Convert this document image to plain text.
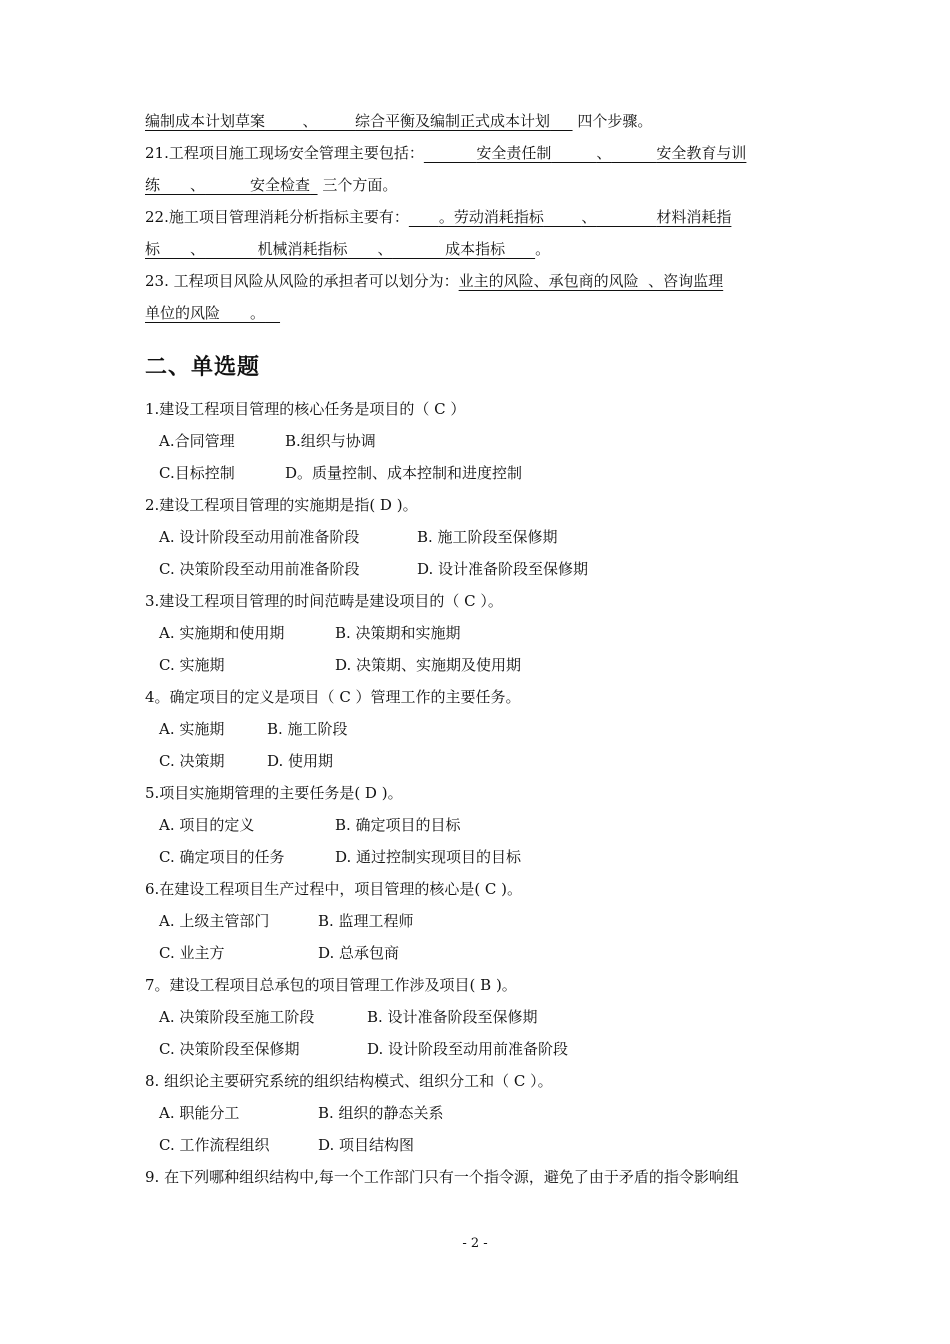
编制成本计划草案   	、   	综合平衡及编制正式成本计划   四个步骤。
21.工程项目施工现场安全管理主要包括：    	安全责任制   	、   	安全教育与训
练   、   	安全检查  三个方面。
22.施工项目管理消耗分析指标主要有：   。劳动消耗指标   	、    	材料消耗指
标   、    	机械消耗指标   、    	成本指标   。
23. 工程项目风险从风险的承担者可以划分为：业主的风险、承包商的风险  、咨询监理
单位的风险   。 
二、单选题
1.建设工程项目管理的核心任务是项目的（ C ）
A.合同管理	B.组织与协调
C.目标控制	D。质量控制、成本控制和进度控制
2.建设工程项目管理的实施期是指( D )。
A. 设计阶段至动用前准备阶段	B. 施工阶段至保修期
C. 决策阶段至动用前准备阶段	D. 设计准备阶段至保修期
3.建设工程项目管理的时间范畴是建设项目的（ C ）。
A. 实施期和使用期	B. 决策期和实施期
C. 实施期	D. 决策期、实施期及使用期
4。确定项目的定义是项目（ C ）管理工作的主要任务。
A. 实施期	B. 施工阶段
C. 决策期	D. 使用期
5.项目实施期管理的主要任务是( D )。
A. 项目的定义	B. 确定项目的目标
C. 确定项目的任务	D. 通过控制实现项目的目标
6.在建设工程项目生产过程中，项目管理的核心是( C )。
A. 上级主管部门	B. 监理工程师
C. 业主方	D. 总承包商
7。建设工程项目总承包的项目管理工作涉及项目( B )。
A. 决策阶段至施工阶段	B. 设计准备阶段至保修期
C. 决策阶段至保修期	D. 设计阶段至动用前准备阶段
8. 组织论主要研究系统的组织结构模式、组织分工和（ C ）。
A. 职能分工	B. 组织的静态关系
C. 工作流程组织	D. 项目结构图
9. 在下列哪种组织结构中,每一个工作部门只有一个指令源，避免了由于矛盾的指令影响组
- 2 -
